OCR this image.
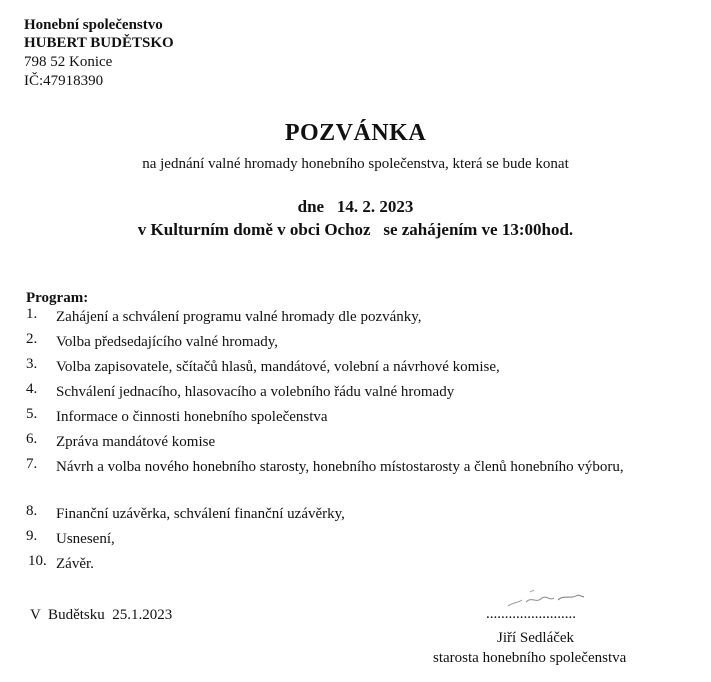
Honební společenstvo
HUBERT BUDĚTSKO
798 52 Konice
IČ:47918390
POZVÁNKA
na jednání valné hromady honebního společenstva, která se bude konat
dne   14. 2. 2023
v Kulturním domě v obci Ochoz   se zahájením ve 13:00hod.
Program:
1. Zahájení a schválení programu valné hromady dle pozvánky,
2. Volba předsedajícího valné hromady,
3. Volba zapisovatele, sčítačů hlasů, mandátové, volební a návrhové komise,
4. Schválení jednacího, hlasovacího a volebního řádu valné hromady
5. Informace o činnosti honebního společenstva
6. Zpráva mandátové komise
7. Návrh a volba nového honebního starosty, honebního místostarosty a členů honebního výboru,
8. Finanční uzávěrka, schválení finanční uzávěrky,
9. Usnesení,
10. Závěr.
V  Budětsku  25.1.2023	........................
Jiří Sedláček
starosta honebního společenstva
